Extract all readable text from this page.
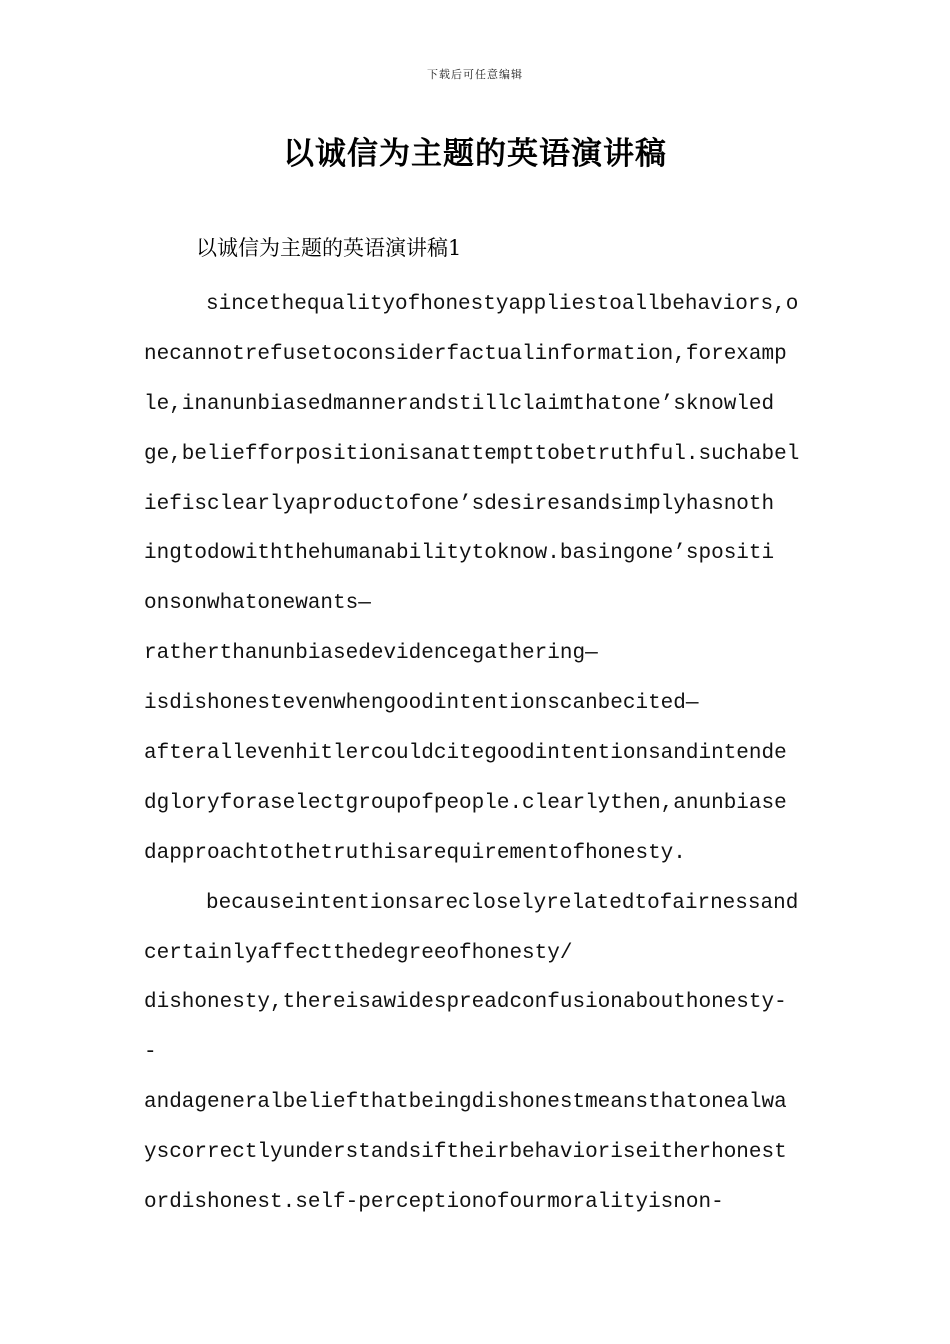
下载后可任意编辑
以诚信为主题的英语演讲稿
以诚信为主题的英语演讲稿1
sincethequalityofhonestyappliestoallbehaviors,o
necannotrefusetoconsiderfactualinformation,forexamp
le,inanunbiasedmannerandstillclaimthatone’sknowled
ge,beliefforpositionisanattempttobetruthful.suchabel
iefisclearlyaproductofone’sdesiresandsimplyhasnoth
ingtodowiththehumanabilitytoknow.basingone’spositi
onsonwhatonewants—
ratherthanunbiasedevidencegathering—
isdishonestevenwhengoodintentionscanbecited—
afterallevenhitlercouldcitegoodintentionsandintende
dgloryforaselectgroupofpeople.clearlythen,anunbiase
dapproachtothetruthisarequirementofhonesty.
becauseintentionsarecloselyrelatedtofairnessand
certainlyaffectthedegreeofhonesty/
dishonesty,thereisawidespreadconfusionabouthonesty-
-
andageneralbeliefthatbeingdishonestmeansthatonealwa
yscorrectlyunderstandsiftheirbehavioriseitherhonest
ordishonest.self-perceptionofourmoralityisnon-
